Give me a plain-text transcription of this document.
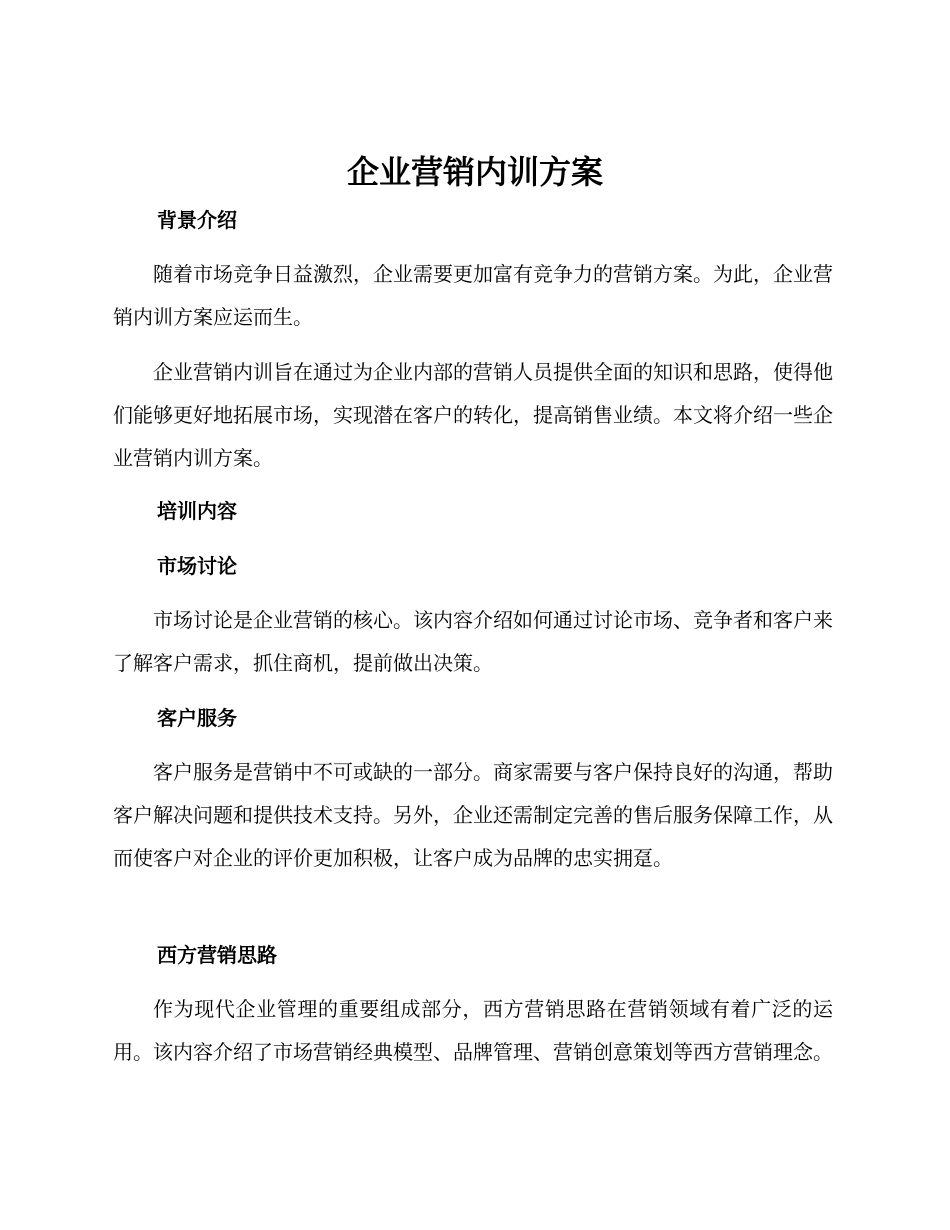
企业营销内训方案
背景介绍

随着市场竞争日益激烈，企业需要更加富有竞争力的营销方案。为此，企业营销内训方案应运而生。

企业营销内训旨在通过为企业内部的营销人员提供全面的知识和思路，使得他们能够更好地拓展市场，实现潜在客户的转化，提高销售业绩。本文将介绍一些企业营销内训方案。

培训内容
市场讨论

市场讨论是企业营销的核心。该内容介绍如何通过讨论市场、竞争者和客户来了解客户需求，抓住商机，提前做出决策。

客户服务

客户服务是营销中不可或缺的一部分。商家需要与客户保持良好的沟通，帮助客户解决问题和提供技术支持。另外，企业还需制定完善的售后服务保障工作，从而使客户对企业的评价更加积极，让客户成为品牌的忠实拥趸。

西方营销思路

作为现代企业管理的重要组成部分，西方营销思路在营销领域有着广泛的运用。该内容介绍了市场营销经典模型、品牌管理、营销创意策划等西方营销理念。
